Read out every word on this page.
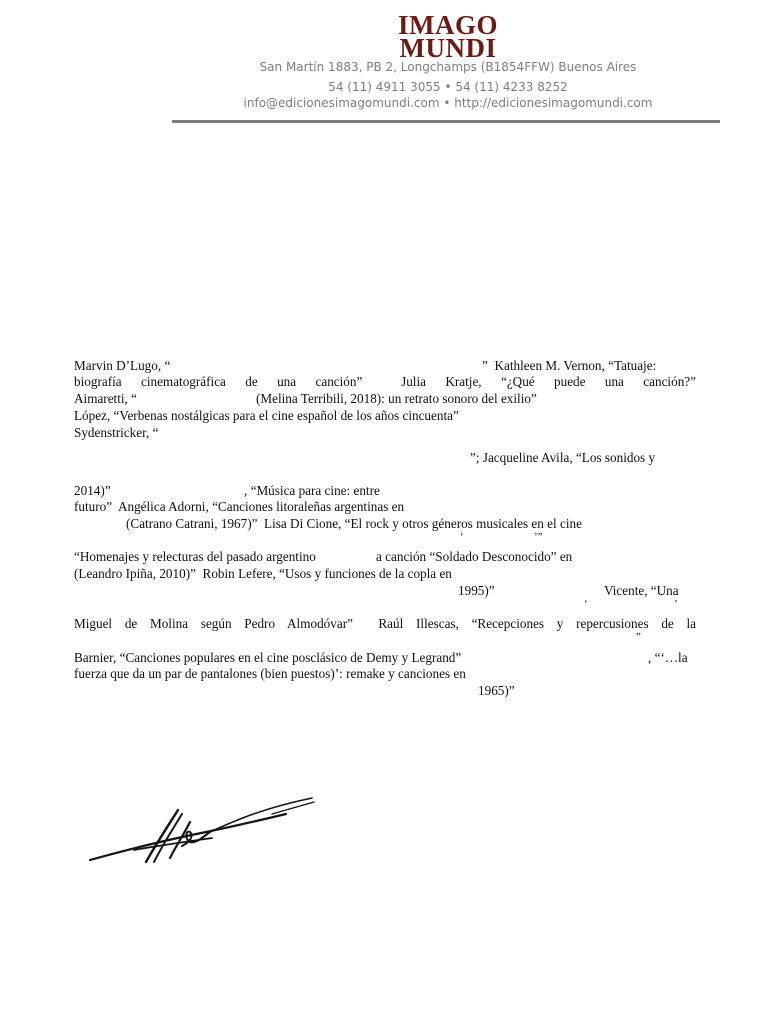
IMAGO
MUNDI
San Martín 1883, PB 2, Longchamps (B1854FFW) Buenos Aires
54 (11) 4911 3055 • 54 (11) 4233 8252
info@edicionesimagomundi.com • http://edicionesimagomundi.com
Marvin D’Lugo, “	”  Kathleen M. Vernon, “Tatuaje:
biografía cinematográfica de una canción”  Julia Kratje, “¿Qué puede una canción?”
Aimaretti, “	(Melina Terribili, 2018): un retrato sonoro del exilio”
López, “Verbenas nostálgicas para el cine español de los años cincuenta”
Sydenstricker, “
”; Jacqueline Avila, “Los sonidos y
2014)”	, “Música para cine: entre
futuro”  Angélica Adorni, “Canciones litoraleñas argentinas en
(Catrano Catrani, 1967)”  Lisa Di Cione, “El rock y otros géneros musicales en el cine
‘	’”
“Homenajes y relecturas del pasado argentino	a canción “Soldado Desconocido” en
(Leandro Ipiña, 2010)”  Robin Lefere, “Usos y funciones de la copla en
1995)”	Vicente, “Una
‘	’
Miguel de Molina según Pedro Almodóvar”  Raúl Illescas, “Recepciones y repercusiones de la
”
Barnier, “Canciones populares en el cine posclásico de Demy y Legrand”	, “‘…la
fuerza que da un par de pantalones (bien puestos)’: remake y canciones en
1965)”
